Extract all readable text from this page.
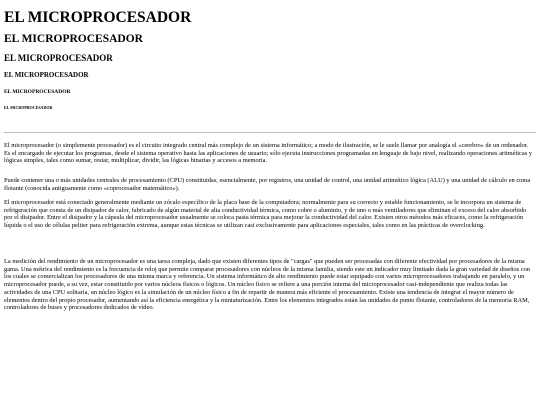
EL MICROPROCESADOR
EL MICROPROCESADOR
EL MICROPROCESADOR
EL MICROPROCESADOR
EL MICROPROCESADOR
EL MICROPROCESADOR

El microprocesador (o simplemente procesador) es el circuito integrado central más complejo de un sistema informático; a modo de ilustración, se le suele llamar por analogía el «cerebro» de un ordenador.

Es el encargado de ejecutar los programas, desde el sistema operativo hasta las aplicaciones de usuario; sólo ejecuta instrucciones programadas en lenguaje de bajo nivel, realizando operaciones aritméticas y lógicas simples, tales como sumar, restar, multiplicar, dividir, las lógicas binarias y accesos a memoria.

Puede contener una o más unidades centrales de procesamiento (CPU) constituidas, esencialmente, por registros, una unidad de control, una unidad aritmético lógica (ALU) y una unidad de cálculo en coma flotante (conocida antiguamente como «coprocesador matemático»).

El microprocesador está conectado generalmente mediante un zócalo específico de la placa base de la computadora; normalmente para su correcto y estable funcionamiento, se le incorpora un sistema de refrigeración que consta de un disipador de calor, fabricado de algún material de alta conductividad térmica, como cobre o aluminio, y de uno o más ventiladores que eliminan el exceso del calor absorbido por el disipador. Entre el disipador y la cápsula del microprocesador usualmente se coloca pasta térmica para mejorar la conductividad del calor. Existen otros métodos más eficaces, como la refrigeración líquida o el uso de células peltier para refrigeración extrema, aunque estas técnicas se utilizan casi exclusivamente para aplicaciones especiales, tales como en las prácticas de overclocking.

La medición del rendimiento de un microprocesador es una tarea compleja, dado que existen diferentes tipos de "cargas" que pueden ser procesadas con diferente efectividad por procesadores de la misma gama. Una métrica del rendimiento es la frecuencia de reloj que permite comparar procesadores con núcleos de la misma familia, siendo este un indicador muy limitado dada la gran variedad de diseños con los cuales se comercializan los procesadores de una misma marca y referencia. Un sistema informático de alto rendimiento puede estar equipado con varios microprocesadores trabajando en paralelo, y un microprocesador puede, a su vez, estar constituido por varios núcleos físicos o lógicos. Un núcleo físico se refiere a una porción interna del microprocesador casi-independiente que realiza todas las actividades de una CPU solitaria, un núcleo lógico es la simulación de un núcleo físico a fin de repartir de manera más eficiente el procesamiento. Existe una tendencia de integrar el mayor número de elementos dentro del propio procesador, aumentando así la eficiencia energética y la miniaturización. Entre los elementos integrados están las unidades de punto flotante, controladores de la memoria RAM, controladores de buses y procesadores dedicados de vídeo.
